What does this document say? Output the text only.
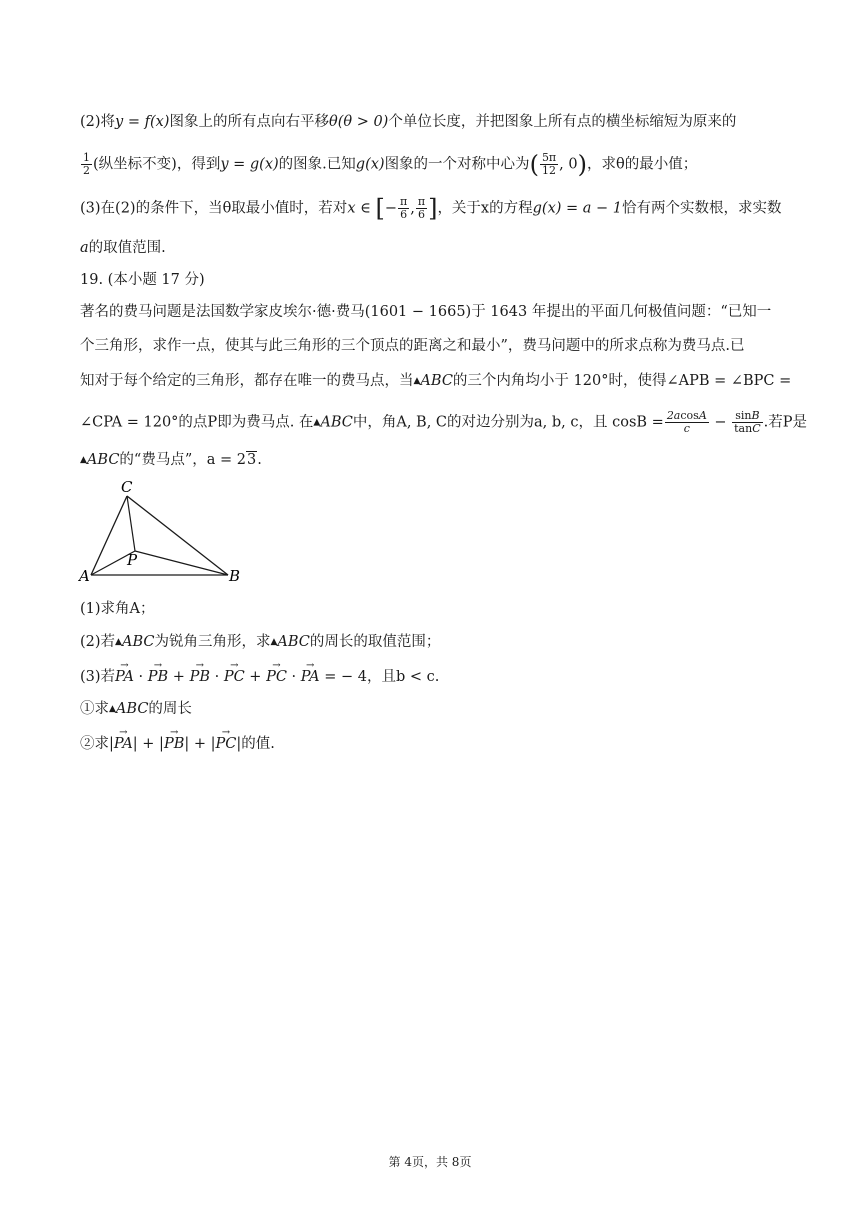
(2)将y = f(x)图象上的所有点向右平移θ(θ > 0)个单位长度，并把图象上所有点的横坐标缩短为原来的
$\frac{1}{2}$ (纵坐标不变)，得到y = g(x)的图象.已知g(x)图象的一个对称中心为( $\frac{5\pi}{12}$ , 0)，求θ的最小值；
(3)在(2)的条件下，当θ取最小值时，若对x ∈ [− $\frac{\pi}{6}$ , $\frac{\pi}{6}$ ]，关于x的方程g(x) = a − 1恰有两个实数根，求实数
a的取值范围.
19. (本小题 17 分)
著名的费马问题是法国数学家皮埃尔·德·费马(1601 − 1665)于 1643 年提出的平面几何极值问题：“已知一
个三角形，求作一点，使其与此三角形的三个顶点的距离之和最小”，费马问题中的所求点称为费马点.已
知对于每个给定的三角形，都存在唯一的费马点，当▲ABC的三个内角均小于 120°时，使得∠APB = ∠BPC =
∠CPA = 120°的点P即为费马点. 在▲ABC中，角A, B, C的对边分别为a, b, c，且 $\cos B = \frac{2acosA}{c} - \frac{\sin B}{\tan C}$ .若P是
▲ABC的“费马点”，a = 23.
C
A	B
P
(1)求角A；
(2)若▲ABC为锐角三角形，求▲ABC的周长的取值范围；
(3)若→ PA · → PB + → PB · → PC + → PC · → PA = − 4，且b < c.
①求▲ABC的周长
②求|→ PA| + |→ PB| + |→ PC|的值.
第 4页，共 8页
